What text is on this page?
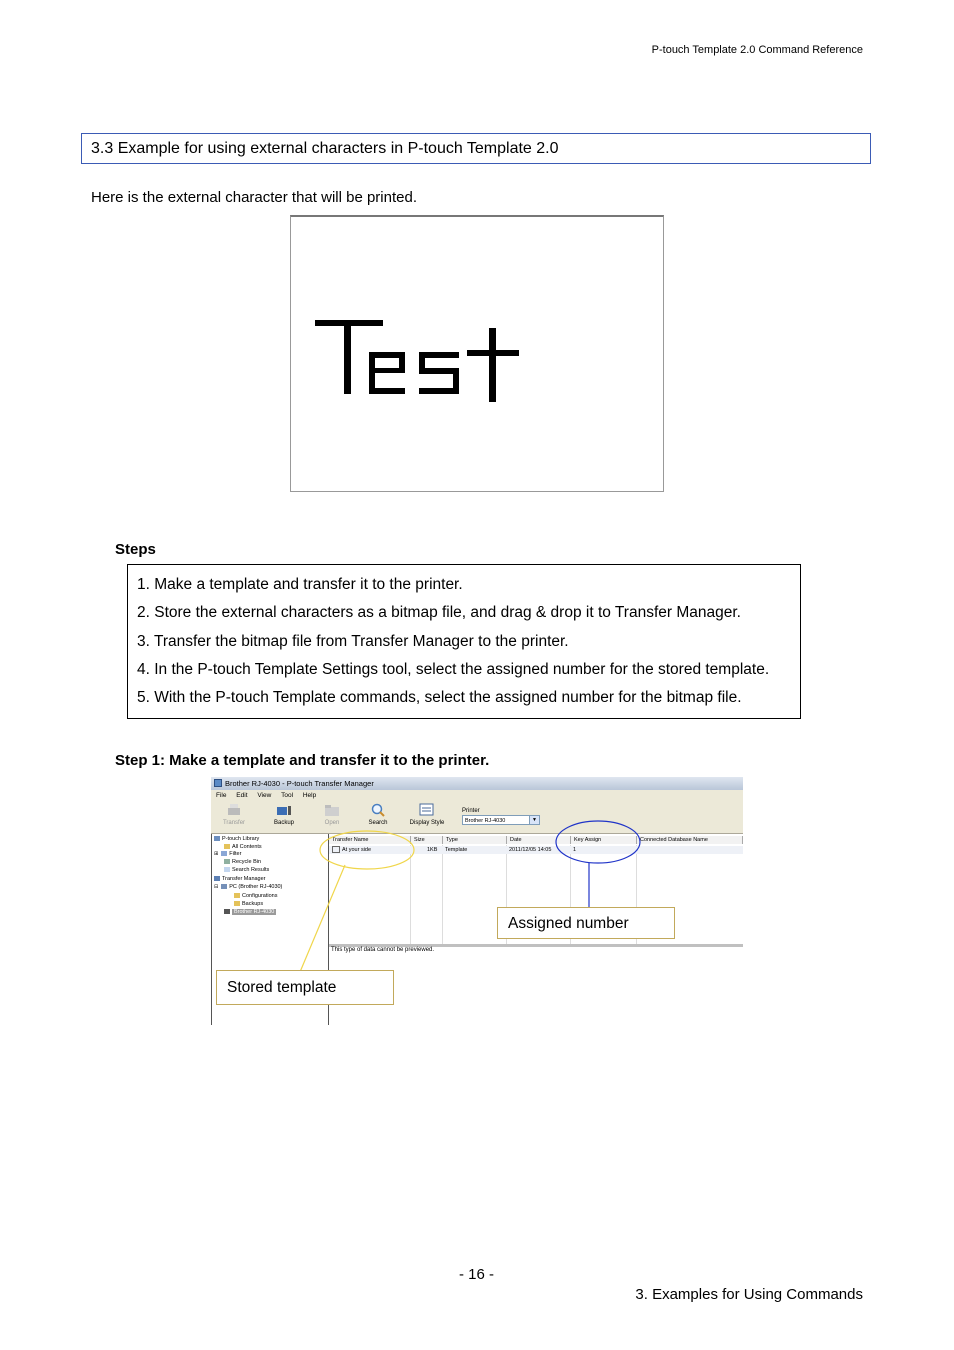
P-touch Template 2.0 Command Reference
3.3 Example for using external characters in P-touch Template 2.0
Here is the external character that will be printed.
Test
Steps
1. Make a template and transfer it to the printer.
2. Store the external characters as a bitmap file, and drag & drop it to Transfer Manager.
3. Transfer the bitmap file from Transfer Manager to the printer.
4. In the P-touch Template Settings tool, select the assigned number for the stored template.
5. With the P-touch Template commands, select the assigned number for the bitmap file.
Step 1: Make a template and transfer it to the printer.
Brother RJ-4030 - P-touch Transfer Manager
File Edit View Tool Help
Transfer	Backup	Open	Search	Display Style
Printer
Brother RJ-4030	▼
P-touch Library
All Contents
⊞ Filter
Recycle Bin
Search Results
Transfer Manager
⊟ PC (Brother RJ-4030)
Configurations
Backups
Brother RJ-4030
Transfer Name	Size	Type	Date	Key Assign	Connected Database Name
At your side	1KB Template	2011/12/05 14:05	1
This type of data cannot be previewed.
Assigned number
Stored template
- 16 -
3. Examples for Using Commands
